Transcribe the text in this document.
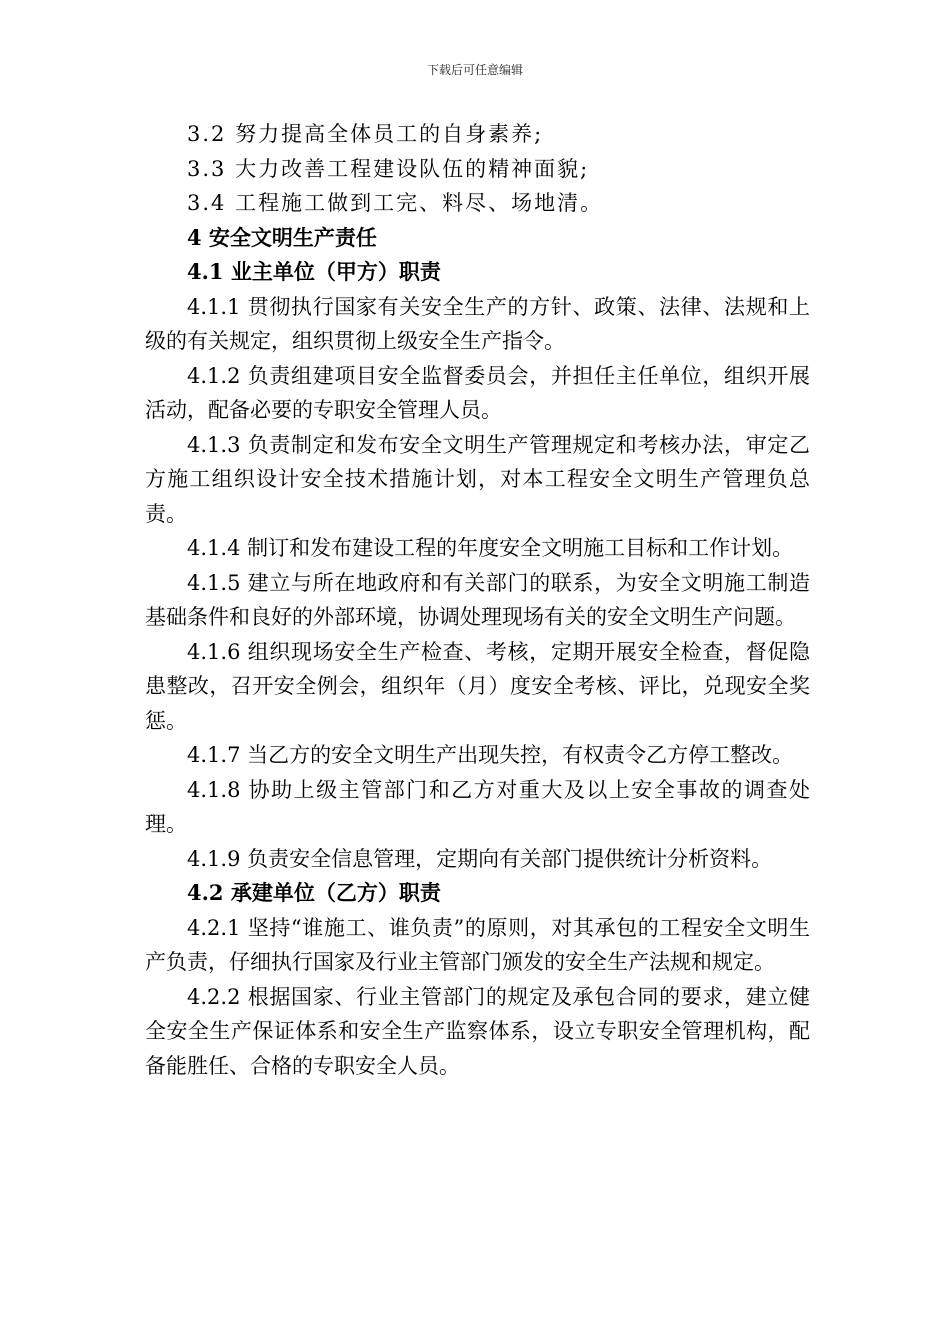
下载后可任意编辑

3.2 努力提高全体员工的自身素养;

3.3 大力改善工程建设队伍的精神面貌;

3.4 工程施工做到工完、料尽、场地清。

4 安全文明生产责任

4.1 业主单位（甲方）职责

4.1.1 贯彻执行国家有关安全生产的方针、政策、法律、法规和上级的有关规定，组织贯彻上级安全生产指令。

4.1.2 负责组建项目安全监督委员会，并担任主任单位，组织开展活动，配备必要的专职安全管理人员。

4.1.3 负责制定和发布安全文明生产管理规定和考核办法，审定乙方施工组织设计安全技术措施计划，对本工程安全文明生产管理负总责。

4.1.4 制订和发布建设工程的年度安全文明施工目标和工作计划。

4.1.5 建立与所在地政府和有关部门的联系，为安全文明施工制造基础条件和良好的外部环境，协调处理现场有关的安全文明生产问题。

4.1.6 组织现场安全生产检查、考核，定期开展安全检查，督促隐患整改，召开安全例会，组织年（月）度安全考核、评比，兑现安全奖惩。

4.1.7 当乙方的安全文明生产出现失控，有权责令乙方停工整改。

4.1.8 协助上级主管部门和乙方对重大及以上安全事故的调查处理。

4.1.9 负责安全信息管理，定期向有关部门提供统计分析资料。

4.2 承建单位（乙方）职责

4.2.1 坚持“谁施工、谁负责”的原则，对其承包的工程安全文明生产负责，仔细执行国家及行业主管部门颁发的安全生产法规和规定。

4.2.2 根据国家、行业主管部门的规定及承包合同的要求，建立健全安全生产保证体系和安全生产监察体系，设立专职安全管理机构，配备能胜任、合格的专职安全人员。
